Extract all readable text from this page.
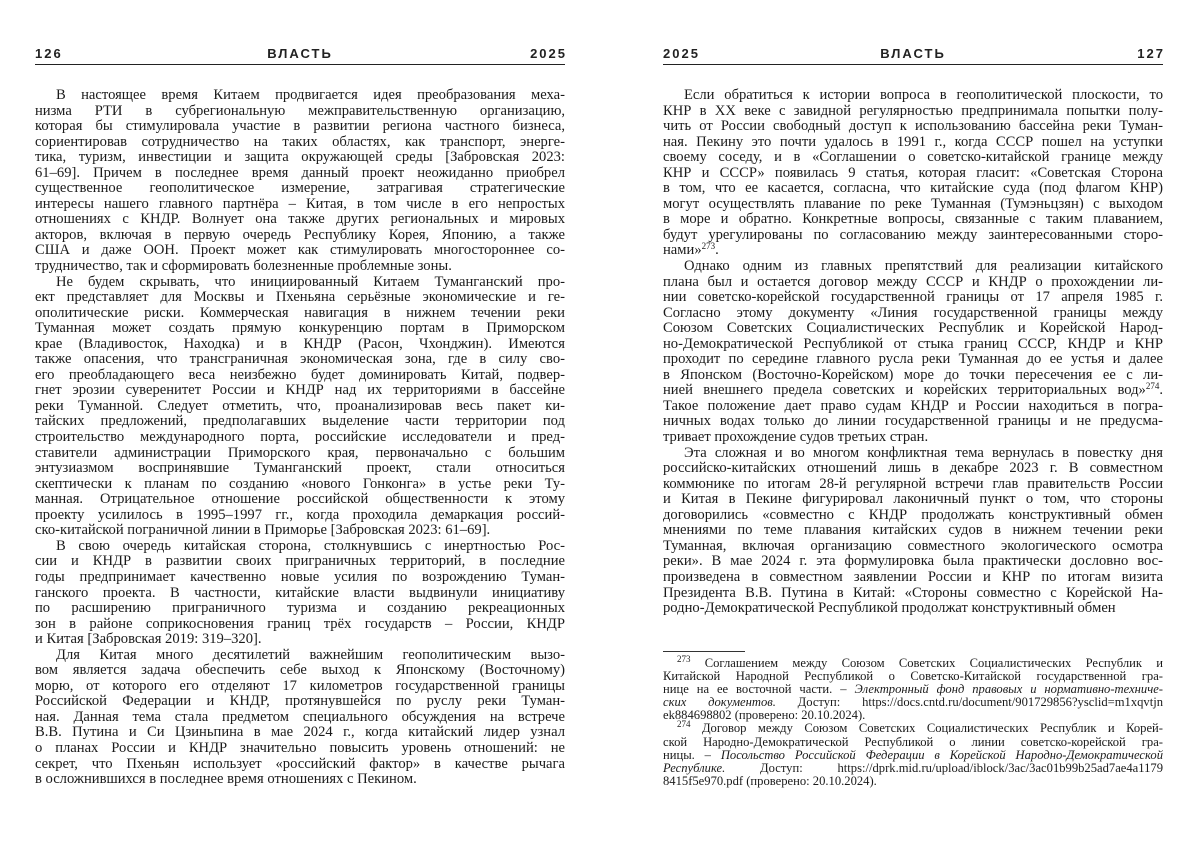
126	ВЛАСТЬ	2025
В настоящее время Китаем продвигается идея преобразования меха-
низма РТИ в субрегиональную межправительственную организацию,
которая бы стимулировала участие в развитии региона частного бизнеса,
сориентировав сотрудничество на таких областях, как транспорт, энерге-
тика, туризм, инвестиции и защита окружающей среды [Забровская 2023:
61–69]. Причем в последнее время данный проект неожиданно приобрел
существенное геополитическое измерение, затрагивая стратегические
интересы нашего главного партнёра – Китая, в том числе в его непростых
отношениях с КНДР. Волнует она также других региональных и мировых
акторов, включая в первую очередь Республику Корея, Японию, а также
США и даже ООН. Проект может как стимулировать многостороннее со-
трудничество, так и сформировать болезненные проблемные зоны.
Не будем скрывать, что инициированный Китаем Туманганский про-
ект представляет для Москвы и Пхеньяна серьёзные экономические и ге-
ополитические риски. Коммерческая навигация в нижнем течении реки
Туманная может создать прямую конкуренцию портам в Приморском
крае (Владивосток, Находка) и в КНДР (Расон, Чхонджин). Имеются
также опасения, что трансграничная экономическая зона, где в силу сво-
его преобладающего веса неизбежно будет доминировать Китай, подвер-
гнет эрозии суверенитет России и КНДР над их территориями в бассейне
реки Туманной. Следует отметить, что, проанализировав весь пакет ки-
тайских предложений, предполагавших выделение части территории под
строительство международного порта, российские исследователи и пред-
ставители администрации Приморского края, первоначально с большим
энтузиазмом воспринявшие Туманганский проект, стали относиться
скептически к планам по созданию «нового Гонконга» в устье реки Ту-
манная. Отрицательное отношение российской общественности к этому
проекту усилилось в 1995–1997 гг., когда проходила демаркация россий-
ско-китайской пограничной линии в Приморье [Забровская 2023: 61–69].
В свою очередь китайская сторона, столкнувшись с инертностью Рос-
сии и КНДР в развитии своих приграничных территорий, в последние
годы предпринимает качественно новые усилия по возрождению Туман-
ганского проекта. В частности, китайские власти выдвинули инициативу
по расширению приграничного туризма и созданию рекреационных
зон в районе соприкосновения границ трёх государств – России, КНДР
и Китая [Забровская 2019: 319–320].
Для Китая много десятилетий важнейшим геополитическим вызо-
вом является задача обеспечить себе выход к Японскому (Восточному)
морю, от которого его отделяют 17 километров государственной границы
Российской Федерации и КНДР, протянувшейся по руслу реки Туман-
ная. Данная тема стала предметом специального обсуждения на встрече
В.В. Путина и Си Цзиньпина в мае 2024 г., когда китайский лидер узнал
о планах России и КНДР значительно повысить уровень отношений: не
секрет, что Пхеньян использует «российский фактор» в качестве рычага
в осложнившихся в последнее время отношениях с Пекином.
2025	ВЛАСТЬ	127
Если обратиться к истории вопроса в геополитической плоскости, то
КНР в XX веке с завидной регулярностью предпринимала попытки полу-
чить от России свободный доступ к использованию бассейна реки Туман-
ная. Пекину это почти удалось в 1991 г., когда СССР пошел на уступки
своему соседу, и в «Соглашении о советско-китайской границе между
КНР и СССР» появилась 9 статья, которая гласит: «Советская Сторона
в том, что ее касается, согласна, что китайские суда (под флагом КНР)
могут осуществлять плавание по реке Туманная (Тумэньцзян) с выходом
в море и обратно. Конкретные вопросы, связанные с таким плаванием,
будут урегулированы по согласованию между заинтересованными сторо-
нами»273.
Однако одним из главных препятствий для реализации китайского
плана был и остается договор между СССР и КНДР о прохождении ли-
нии советско-корейской государственной границы от 17 апреля 1985 г.
Согласно этому документу «Линия государственной границы между
Союзом Советских Социалистических Республик и Корейской Народ-
но-Демократической Республикой от стыка границ СССР, КНДР и КНР
проходит по середине главного русла реки Туманная до ее устья и далее
в Японском (Восточно-Корейском) море до точки пересечения ее с ли-
нией внешнего предела советских и корейских территориальных вод»274.
Такое положение дает право судам КНДР и России находиться в погра-
ничных водах только до линии государственной границы и не предусма-
тривает прохождение судов третьих стран.
Эта сложная и во многом конфликтная тема вернулась в повестку дня
российско-китайских отношений лишь в декабре 2023 г. В совместном
коммюнике по итогам 28-й регулярной встречи глав правительств России
и Китая в Пекине фигурировал лаконичный пункт о том, что стороны
договорились «совместно с КНДР продолжать конструктивный обмен
мнениями по теме плавания китайских судов в нижнем течении реки
Туманная, включая организацию совместного экологического осмотра
реки». В мае 2024 г. эта формулировка была практически дословно вос-
произведена в совместном заявлении России и КНР по итогам визита
Президента В.В. Путина в Китай: «Стороны совместно с Корейской На-
родно-Демократической Республикой продолжат конструктивный обмен
273 Соглашением между Союзом Советских Социалистических Республик и
Китайской Народной Республикой о Советско-Китайской государственной гра-
нице на ее восточной части. – Электронный фонд правовых и нормативно-техниче-
ских документов. Доступ: https://docs.cntd.ru/document/901729856?ysclid=m1xqvtjn
ek884698802 (проверено: 20.10.2024).
274 Договор между Союзом Советских Социалистических Республик и Корей-
ской Народно-Демократической Республикой о линии советско-корейской гра-
ницы. – Посольство Российской Федерации в Корейской Народно-Демократической
Республике. Доступ: https://dprk.mid.ru/upload/iblock/3ac/3ac01b99b25ad7ae4a1179
8415f5e970.pdf (проверено: 20.10.2024).
